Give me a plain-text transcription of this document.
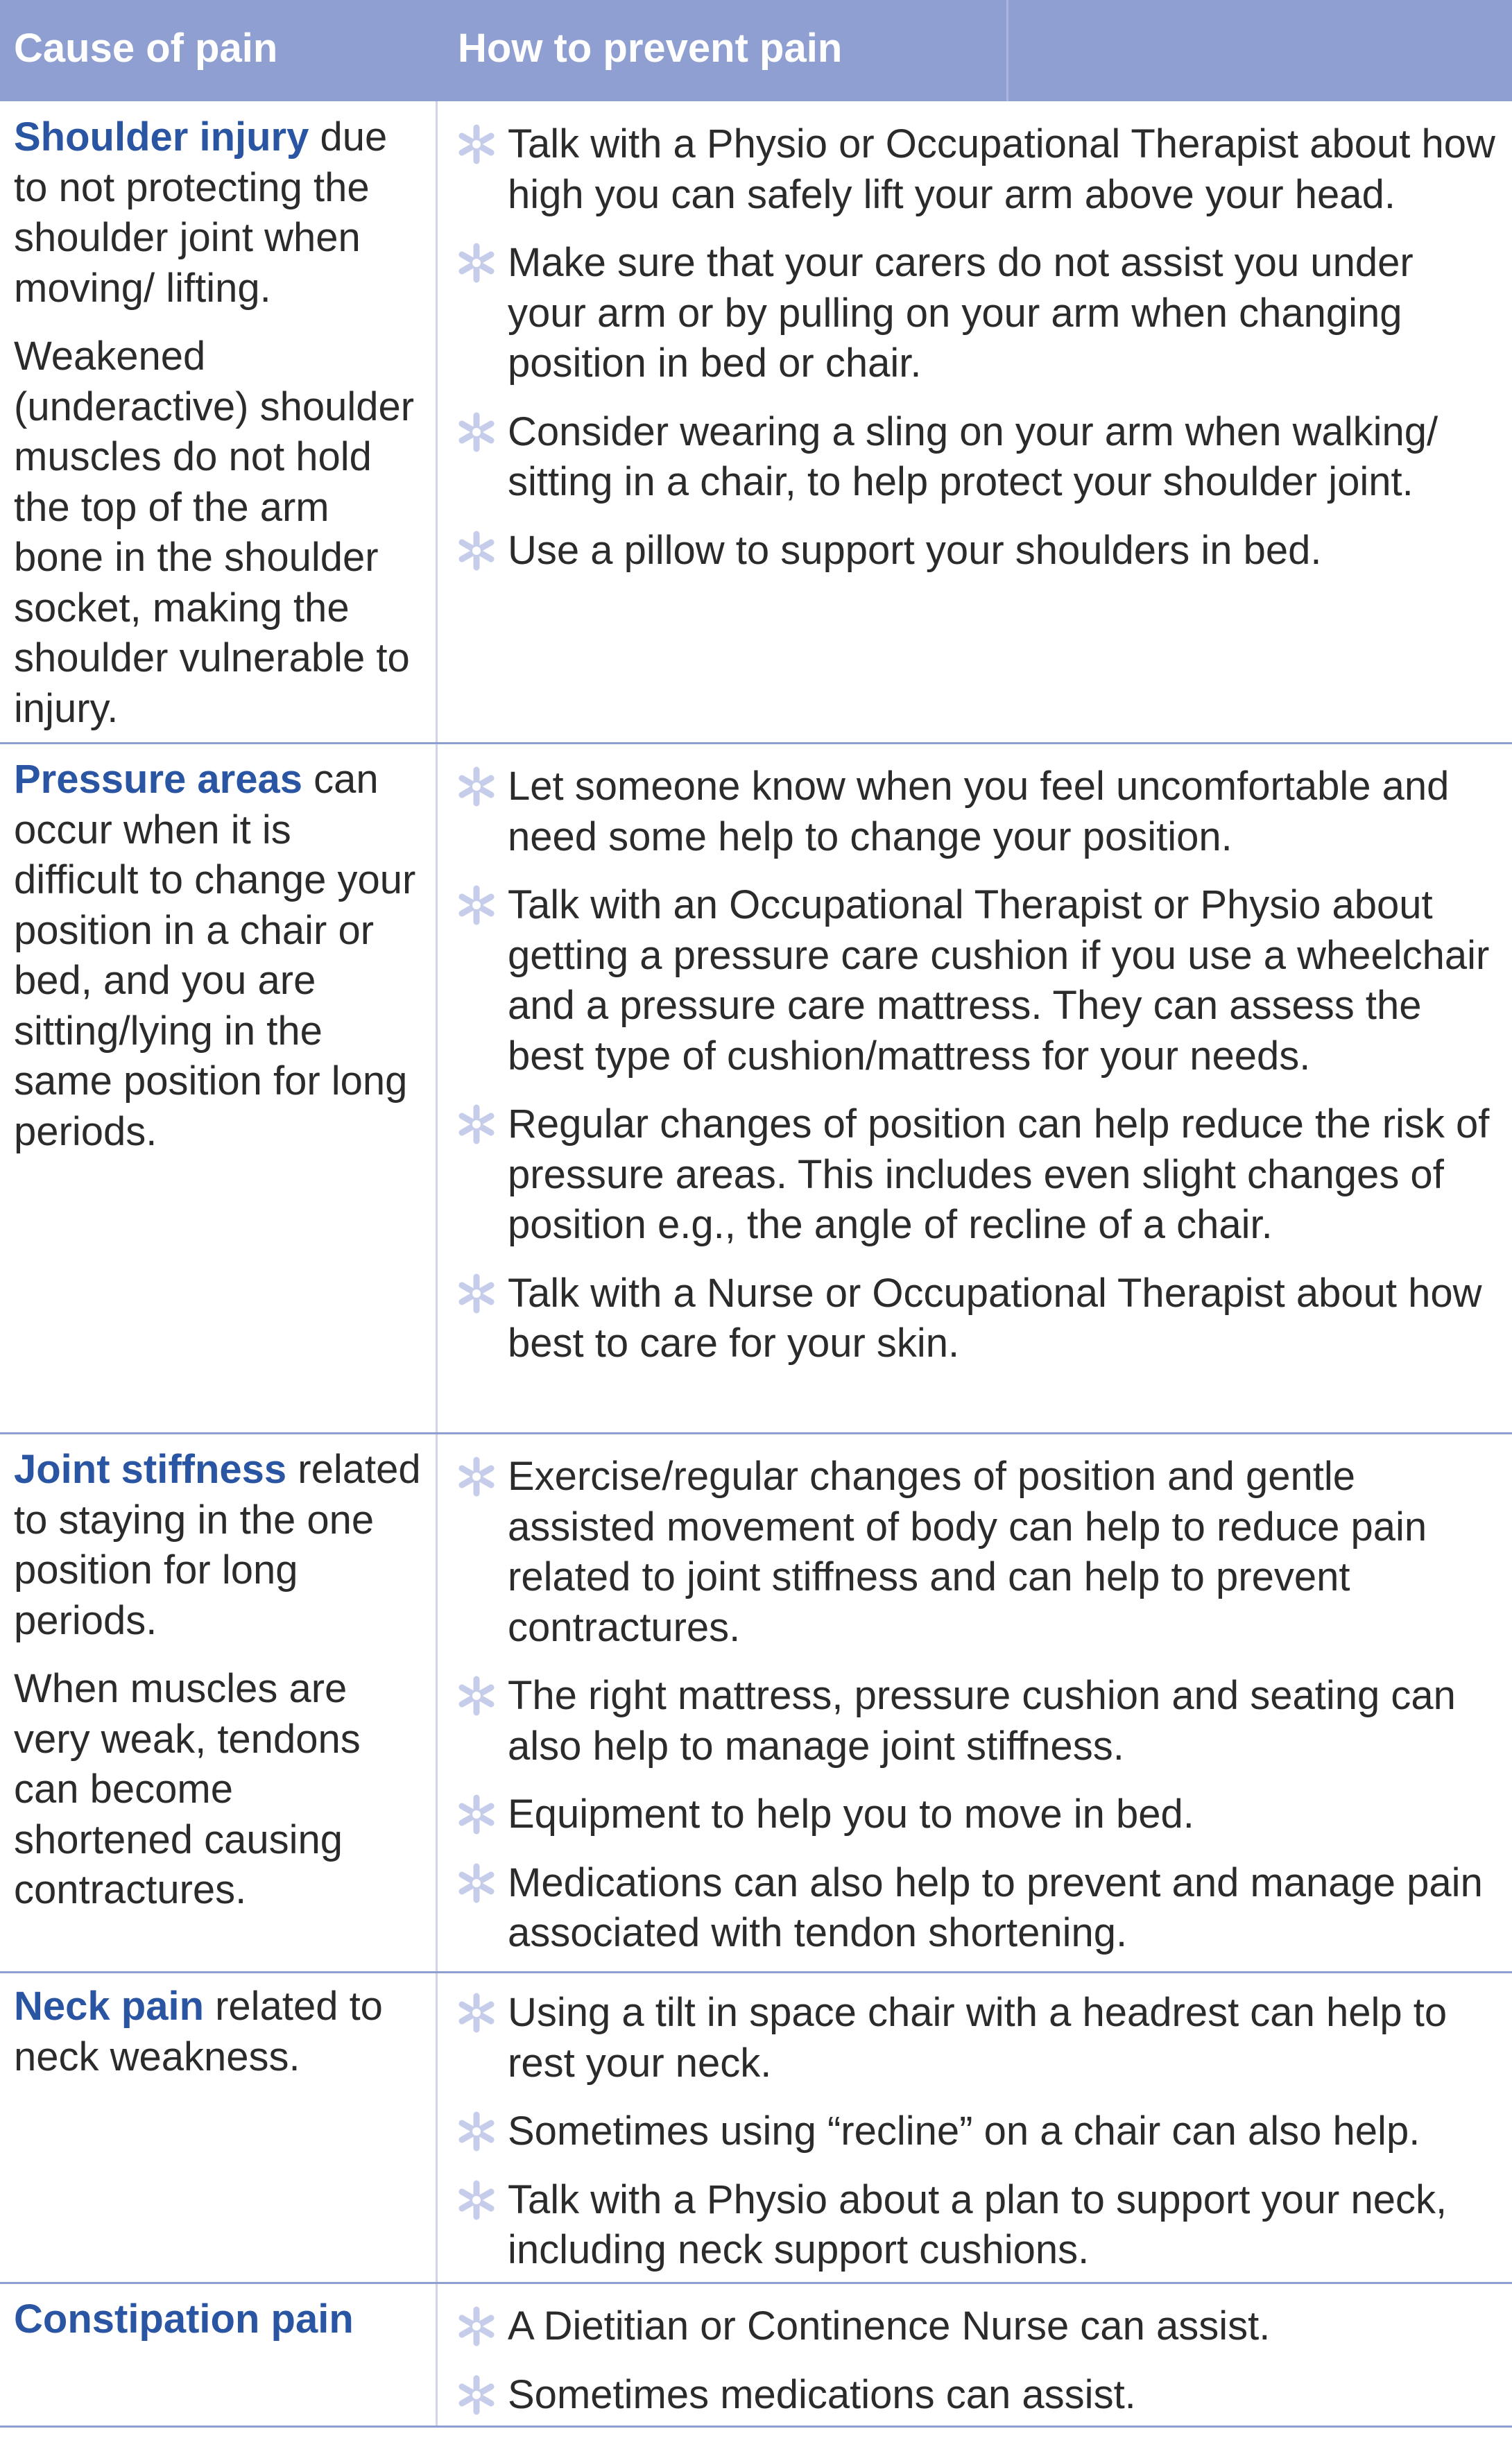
Cause of pain	How to prevent pain

Shoulder injury due to not protecting the shoulder joint when moving/ lifting.

Weakened (underactive) shoulder muscles do not hold the top of the arm bone in the shoulder socket, making the shoulder vulnerable to injury.

Talk with a Physio or Occupational Therapist about how high you can safely lift your arm above your head.
Make sure that your carers do not assist you under your arm or by pulling on your arm when changing position in bed or chair.
Consider wearing a sling on your arm when walking/ sitting in a chair, to help protect your shoulder joint.
Use a pillow to support your shoulders in bed.

Pressure areas can occur when it is difficult to change your position in a chair or bed, and you are sitting/lying in the same position for long periods.

Let someone know when you feel uncomfortable and need some help to change your position.
Talk with an Occupational Therapist or Physio about getting a pressure care cushion if you use a wheelchair and a pressure care mattress. They can assess the best type of cushion/mattress for your needs.
Regular changes of position can help reduce the risk of pressure areas. This includes even slight changes of position e.g., the angle of recline of a chair.
Talk with a Nurse or Occupational Therapist about how best to care for your skin.

Joint stiffness related to staying in the one position for long periods.

When muscles are very weak, tendons can become shortened causing contractures.

Exercise/regular changes of position and gentle assisted movement of body can help to reduce pain related to joint stiffness and can help to prevent contractures.
The right mattress, pressure cushion and seating can also help to manage joint stiffness.
Equipment to help you to move in bed.
Medications can also help to prevent and manage pain associated with tendon shortening.

Neck pain related to neck weakness.

Using a tilt in space chair with a headrest can help to rest your neck.
Sometimes using “recline” on a chair can also help.
Talk with a Physio about a plan to support your neck, including neck support cushions.

Constipation pain	A Dietitian or Continence Nurse can assist.
Sometimes medications can assist.
